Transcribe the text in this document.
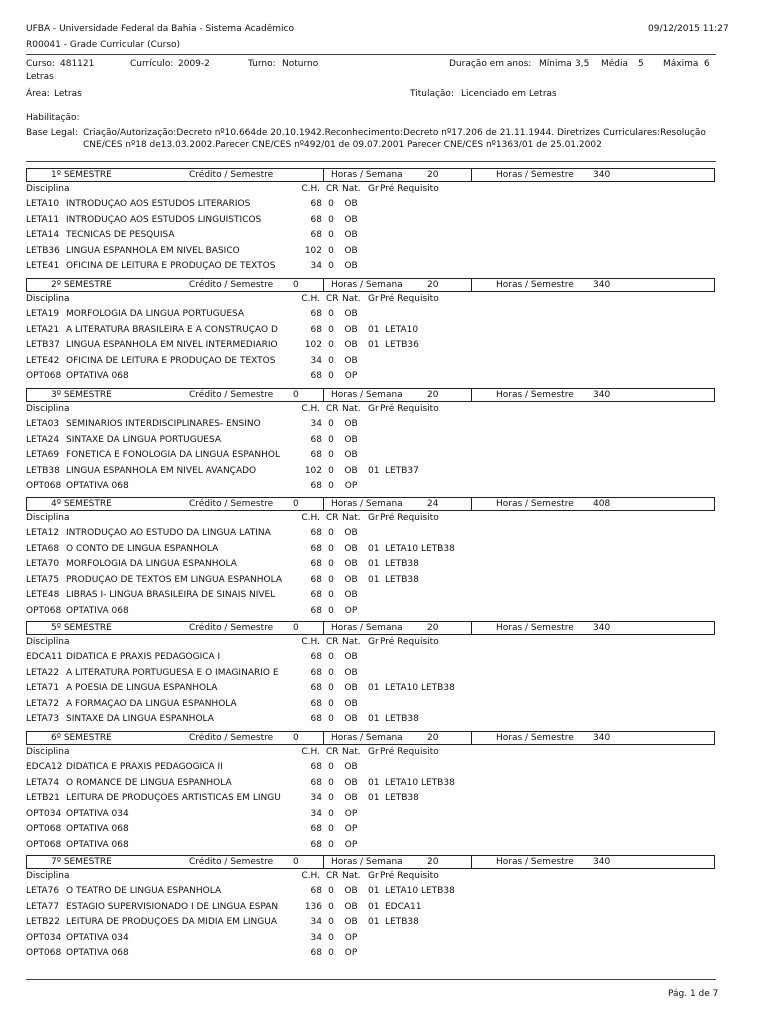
UFBA - Universidade Federal da Bahia - Sistema Acadêmico	09/12/2015 11:27
R00041 - Grade Curricular (Curso)
Curso: 481121	Currículo: 2009-2	Turno: Noturno	Duração em anos: Mínima 3,5 Média 5 Máxima 6
Letras
Área: Letras	Titulação: Licenciado em Letras
Habilitação:
Base Legal: Criação/Autorização:Decreto nº10.664de 20.10.1942.Reconhecimento:Decreto nº17.206 de 21.11.1944. Diretrizes Curriculares:Resolução
CNE/CES nº18 de13.03.2002.Parecer CNE/CES nº492/01 de 09.07.2001 Parecer CNE/CES nº1363/01 de 25.01.2002
1º SEMESTRE	Crédito / Semestre	Horas / Semana	20	Horas / Semestre 340
Disciplina	C.H. CR Nat. Gr Pré Requisito
LETA10 INTRODUÇÃO AOS ESTUDOS LITERÁRIOS	68 0 OB
LETA11 INTRODUÇÃO AOS ESTUDOS LINGÜÍSTICOS	68 0 OB
LETA14 TÉCNICAS DE PESQUISA	68 0 OB
LETB36 LINGUA ESPANHOLA EM NIVEL BÁSICO	102 0 OB
LETE41 OFICINA DE LEITURA E PRODUÇÃO DE TEXTOS	34 0 OB
2º SEMESTRE	Crédito / Semestre 0	Horas / Semana	20	Horas / Semestre 340
Disciplina	C.H. CR Nat. Gr Pré Requisito
LETA19 MORFOLOGIA DA LINGUA PORTUGUESA	68 0 OB
LETA21 A LITERATURA BRASILEIRA E A CONSTRUÇÃO D	68 0 OB 01 LETA10
LETB37 LINGUA ESPANHOLA EM NIVEL INTERMEDIÁRIO	102 0 OB 01 LETB36
LETE42 OFICINA DE LEITURA E PRODUÇÃO DE TEXTOS	34 0 OB
OPT068 OPTATIVA 068	68 0	OP
3º SEMESTRE	Crédito / Semestre 0	Horas / Semana	20	Horas / Semestre 340
Disciplina	C.H. CR Nat. Gr Pré Requisito
LETA03 SEMINÁRIOS INTERDISCIPLINARES- ENSINO	34 0 OB
LETA24 SINTAXE DA LINGUA PORTUGUESA	68 0 OB
LETA69 FONÉTICA E FONOLOGIA DA LINGUA ESPANHOL	68 0 OB
LETB38 LINGUA ESPANHOLA EM NIVEL AVANÇADO	102 0 OB 01 LETB37
OPT068 OPTATIVA 068	68 0	OP
4º SEMESTRE	Crédito / Semestre 0	Horas / Semana	24	Horas / Semestre 408
Disciplina	C.H. CR Nat. Gr Pré Requisito
LETA12 INTRODUÇÃO AO ESTUDO DA LINGUA LATINA	68 0 OB
LETA68 O CONTO DE LINGUA ESPANHOLA	68 0 OB 01 LETA10 LETB38
LETA70 MORFOLOGIA DA LINGUA ESPANHOLA	68 0 OB 01 LETB38
LETA75 PRODUÇÃO DE TEXTOS EM LINGUA ESPANHOLA	68 0 OB 01 LETB38
LETE48 LIBRAS I- LÍNGUA BRASILEIRA DE SINAIS NIVEL	68 0 OB
OPT068 OPTATIVA 068	68 0	OP
5º SEMESTRE	Crédito / Semestre 0	Horas / Semana	20	Horas / Semestre 340
Disciplina	C.H. CR Nat. Gr Pré Requisito
EDCA11 DIDÁTICA E PRAXIS PEDAGÓGICA I	68 0 OB
LETA22 A LITERATURA PORTUGUESA E O IMAGINÁRIO E	68 0 OB
LETA71 A POESIA DE LINGUA ESPANHOLA	68 0 OB 01 LETA10 LETB38
LETA72 A FORMAÇÃO DA LINGUA ESPANHOLA	68 0 OB
LETA73 SINTAXE DA LINGUA ESPANHOLA	68 0 OB 01 LETB38
6º SEMESTRE	Crédito / Semestre 0	Horas / Semana	20	Horas / Semestre 340
Disciplina	C.H. CR Nat. Gr Pré Requisito
EDCA12 DIDÁTICA E PRAXIS PEDAGÓGICA II	68 0 OB
LETA74 O ROMANCE DE LINGUA ESPANHOLA	68 0 OB 01 LETA10 LETB38
LETB21 LEITURA DE PRODUÇÕES ARTISTICAS EM LINGU	34 0 OB 01 LETB38
OPT034 OPTATIVA 034	34 0	OP
OPT068 OPTATIVA 068	68 0	OP
OPT068 OPTATIVA 068	68 0	OP
7º SEMESTRE	Crédito / Semestre 0	Horas / Semana	20	Horas / Semestre 340
Disciplina	C.H. CR Nat. Gr Pré Requisito
LETA76 O TEATRO DE LINGUA ESPANHOLA	68 0 OB 01 LETA10 LETB38
LETA77 ESTÁGIO SUPERVISIONADO I DE LINGUA ESPAN	136 0 OB 01 EDCA11
LETB22 LEITURA DE PRODUÇÕES DA MIDIA EM LINGUA	34 0 OB 01 LETB38
OPT034 OPTATIVA 034	34 0	OP
OPT068 OPTATIVA 068	68 0	OP
Pág. 1 de 7
